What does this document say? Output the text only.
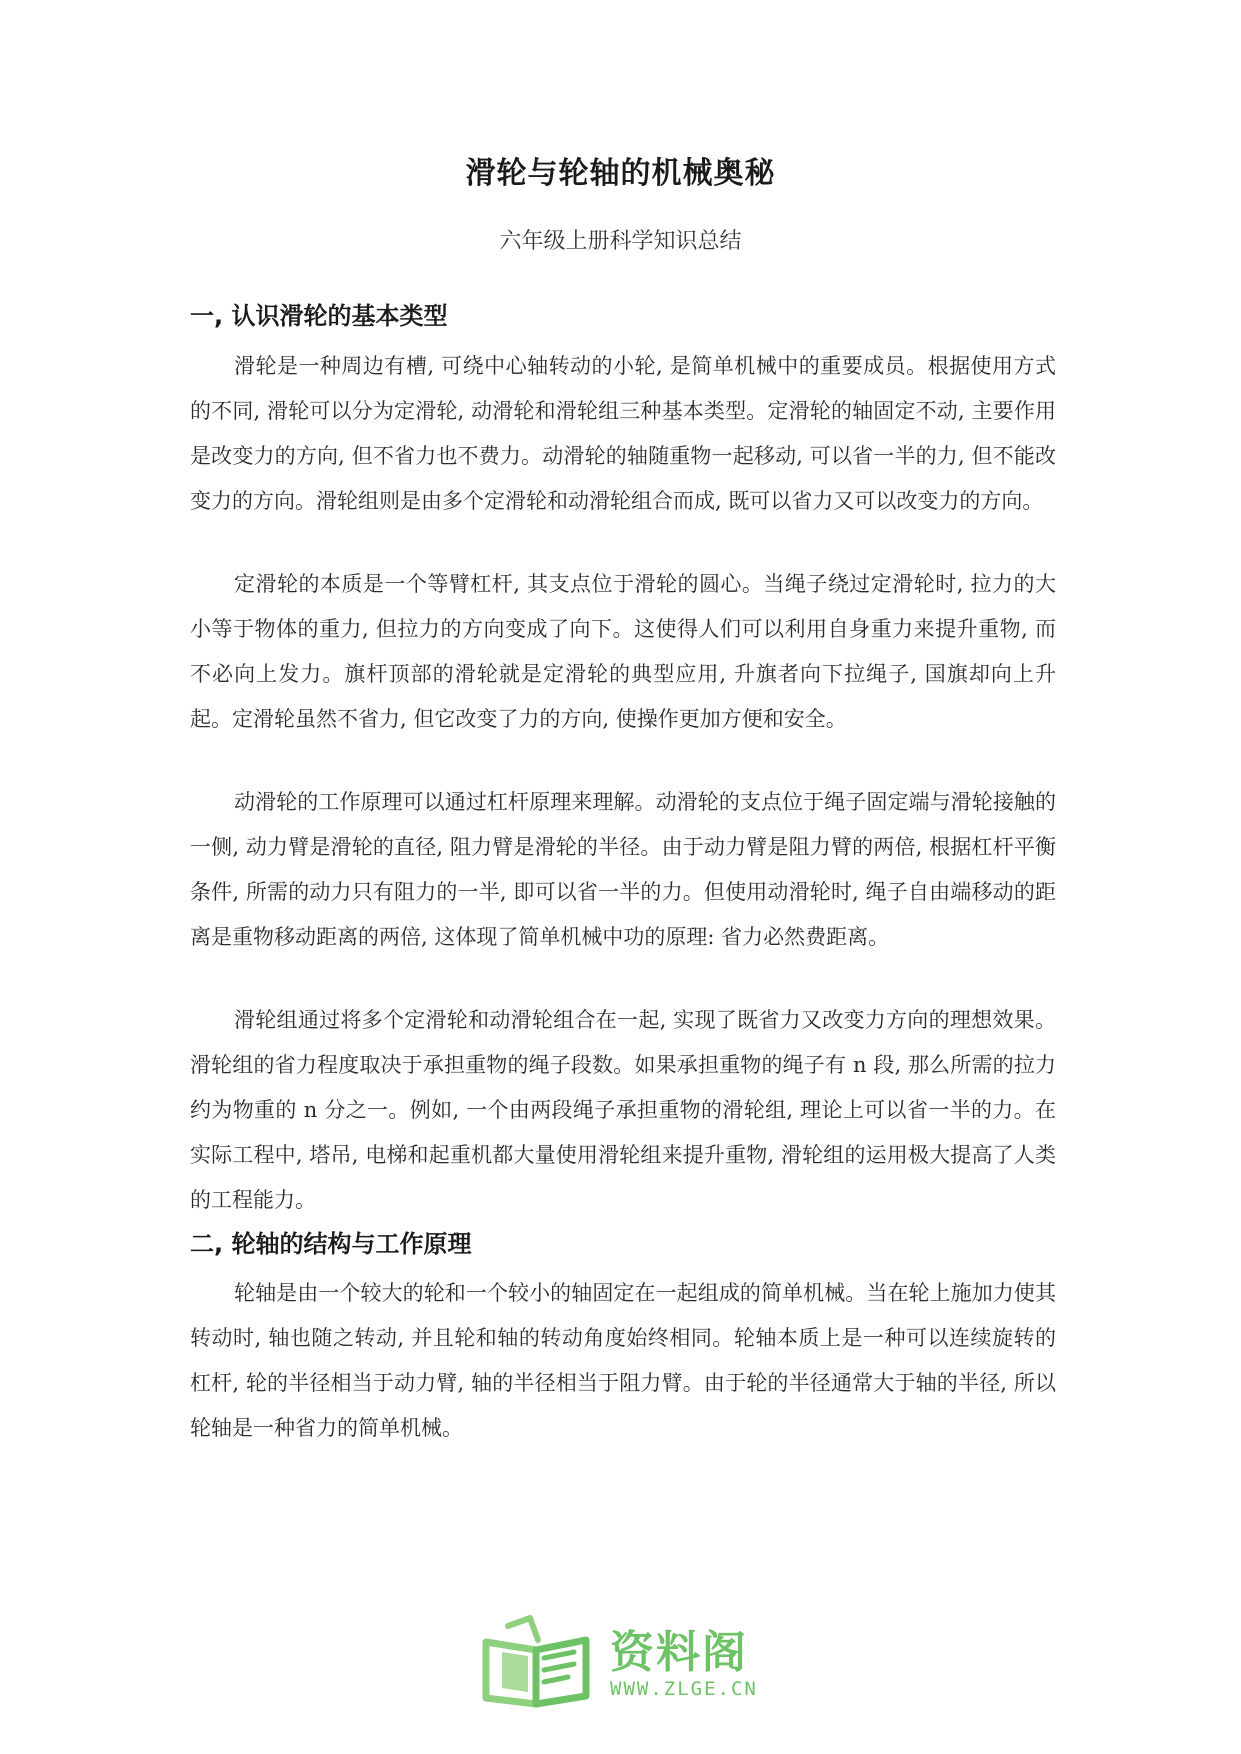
滑轮与轮轴的机械奥秘
六年级上册科学知识总结
一, 认识滑轮的基本类型

滑轮是一种周边有槽, 可绕中心轴转动的小轮, 是简单机械中的重要成员。根据使用方式的不同, 滑轮可以分为定滑轮, 动滑轮和滑轮组三种基本类型。定滑轮的轴固定不动, 主要作用是改变力的方向, 但不省力也不费力。动滑轮的轴随重物一起移动, 可以省一半的力, 但不能改变力的方向。滑轮组则是由多个定滑轮和动滑轮组合而成, 既可以省力又可以改变力的方向。

定滑轮的本质是一个等臂杠杆, 其支点位于滑轮的圆心。当绳子绕过定滑轮时, 拉力的大小等于物体的重力, 但拉力的方向变成了向下。这使得人们可以利用自身重力来提升重物, 而不必向上发力。旗杆顶部的滑轮就是定滑轮的典型应用, 升旗者向下拉绳子, 国旗却向上升起。定滑轮虽然不省力, 但它改变了力的方向, 使操作更加方便和安全。

动滑轮的工作原理可以通过杠杆原理来理解。动滑轮的支点位于绳子固定端与滑轮接触的一侧, 动力臂是滑轮的直径, 阻力臂是滑轮的半径。由于动力臂是阻力臂的两倍, 根据杠杆平衡条件, 所需的动力只有阻力的一半, 即可以省一半的力。但使用动滑轮时, 绳子自由端移动的距离是重物移动距离的两倍, 这体现了简单机械中功的原理: 省力必然费距离。

滑轮组通过将多个定滑轮和动滑轮组合在一起, 实现了既省力又改变力方向的理想效果。滑轮组的省力程度取决于承担重物的绳子段数。如果承担重物的绳子有 n 段, 那么所需的拉力约为物重的 n 分之一。例如, 一个由两段绳子承担重物的滑轮组, 理论上可以省一半的力。在实际工程中, 塔吊, 电梯和起重机都大量使用滑轮组来提升重物, 滑轮组的运用极大提高了人类的工程能力。

二, 轮轴的结构与工作原理

轮轴是由一个较大的轮和一个较小的轴固定在一起组成的简单机械。当在轮上施加力使其转动时, 轴也随之转动, 并且轮和轴的转动角度始终相同。轮轴本质上是一种可以连续旋转的杠杆, 轮的半径相当于动力臂, 轴的半径相当于阻力臂。由于轮的半径通常大于轴的半径, 所以轮轴是一种省力的简单机械。

资料阁
WWW.ZLGE.CN
